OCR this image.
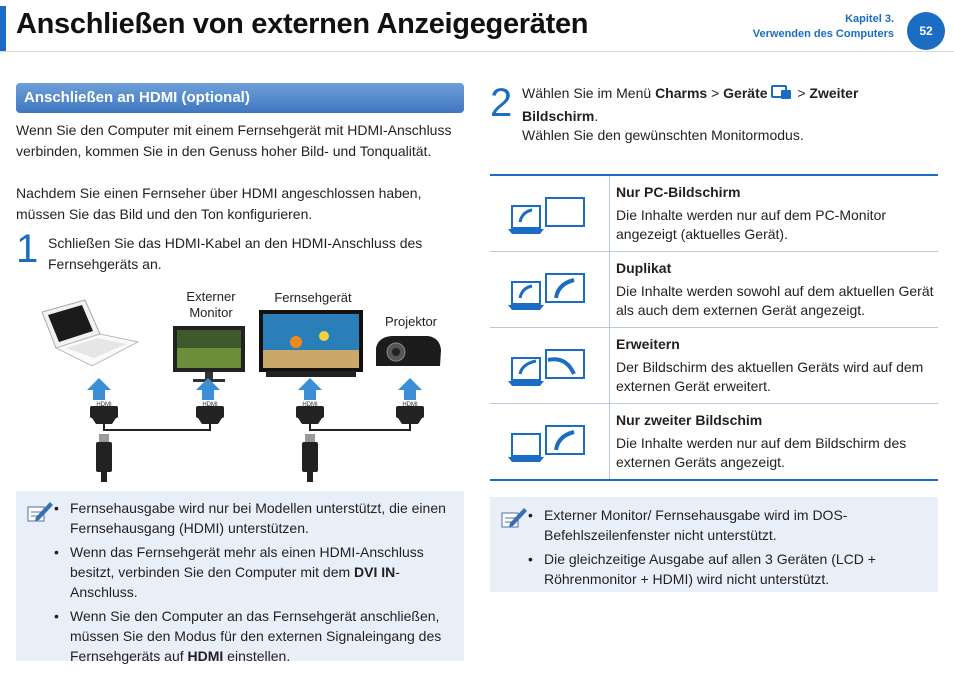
Anschließen von externen Anzeigegeräten	Kapitel 3.
Verwenden des Computers	52
Anschließen an HDMI (optional)
Wenn Sie den Computer mit einem Fernsehgerät mit HDMI-Anschluss verbinden, kommen Sie in den Genuss hoher Bild- und Tonqualität.
Nachdem Sie einen Fernseher über HDMI angeschlossen haben, müssen Sie das Bild und den Ton konfigurieren.
1 Schließen Sie das HDMI-Kabel an den HDMI-Anschluss des Fernsehgeräts an.
Externer Monitor
Fernsehgerät
Projektor
HDMI	HDMI	HDMI	HDMI
• Fernsehausgabe wird nur bei Modellen unterstützt, die einen Fernsehausgang (HDMI) unterstützen.
• Wenn das Fernsehgerät mehr als einen HDMI-Anschluss besitzt, verbinden Sie den Computer mit dem DVI IN-Anschluss.
• Wenn Sie den Computer an das Fernsehgerät anschließen, müssen Sie den Modus für den externen Signaleingang des Fernsehgeräts auf HDMI einstellen.
2 Wählen Sie im Menü Charms > Geräte  > Zweiter Bildschirm.
Wählen Sie den gewünschten Monitormodus.
Nur PC-Bildschirm
Die Inhalte werden nur auf dem PC-Monitor angezeigt (aktuelles Gerät).
Duplikat
Die Inhalte werden sowohl auf dem aktuellen Gerät als auch dem externen Gerät angezeigt.
Erweitern
Der Bildschirm des aktuellen Geräts wird auf dem externen Gerät erweitert.
Nur zweiter Bildschim
Die Inhalte werden nur auf dem Bildschirm des externen Geräts angezeigt.
• Externer Monitor/ Fernsehausgabe wird im DOS-Befehlszeilenfenster nicht unterstützt.
• Die gleichzeitige Ausgabe auf allen 3 Geräten (LCD + Röhrenmonitor + HDMI) wird nicht unterstützt.
